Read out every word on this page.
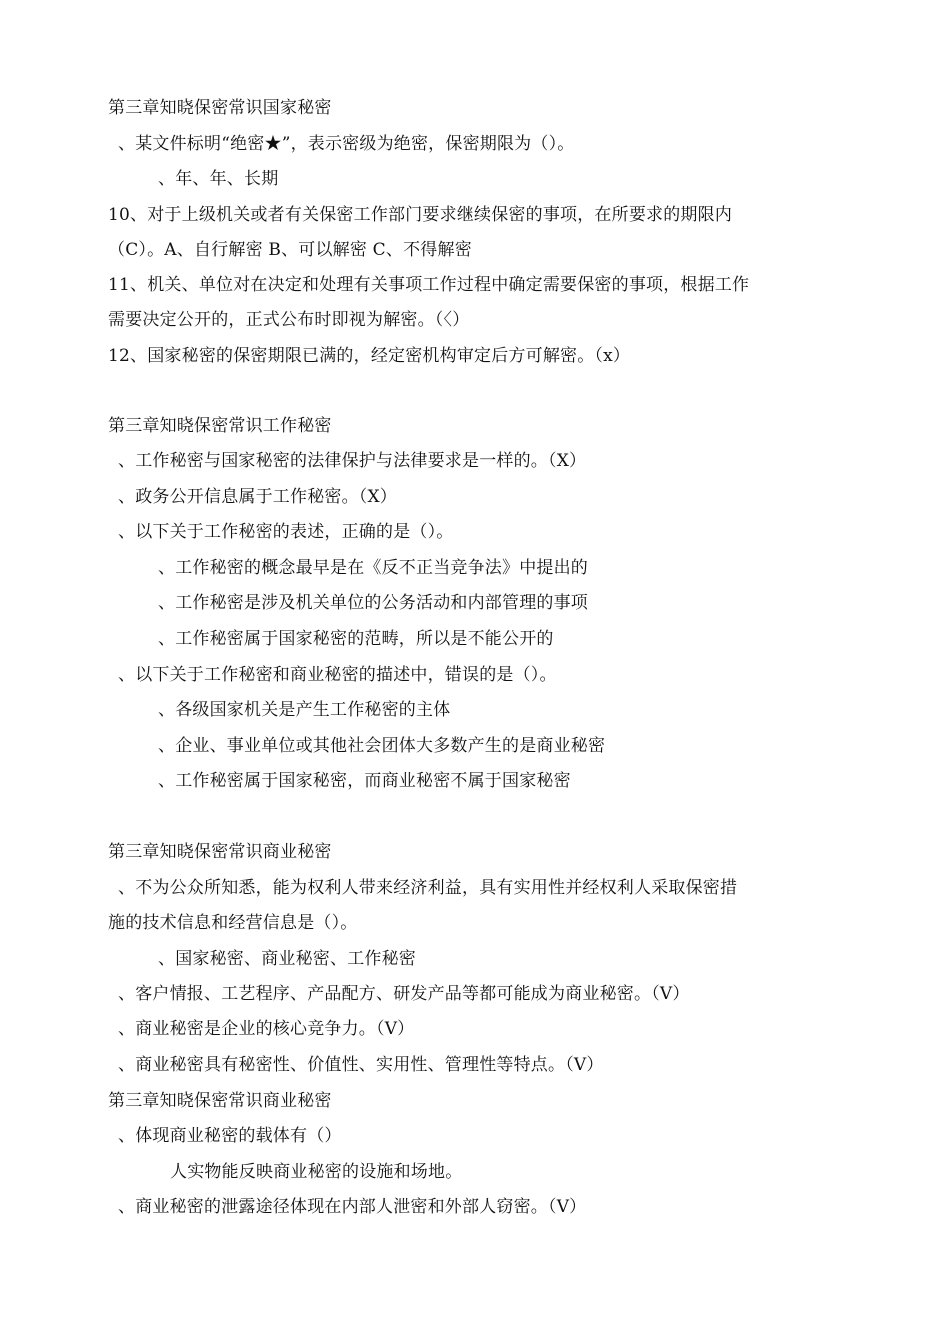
第三章知晓保密常识国家秘密
、某文件标明“绝密★”，表示密级为绝密，保密期限为（）。
、年、年、长期
10、对于上级机关或者有关保密工作部门要求继续保密的事项，在所要求的期限内
（C）。A、自行解密 B、可以解密 C、不得解密
11、机关、单位对在决定和处理有关事项工作过程中确定需要保密的事项，根据工作
需要决定公开的，正式公布时即视为解密。（〈）
12、国家秘密的保密期限已满的，经定密机构审定后方可解密。（x）
第三章知晓保密常识工作秘密
、工作秘密与国家秘密的法律保护与法律要求是一样的。（X）
、政务公开信息属于工作秘密。（X）
、以下关于工作秘密的表述，正确的是（）。
、工作秘密的概念最早是在《反不正当竞争法》中提出的
、工作秘密是涉及机关单位的公务活动和内部管理的事项
、工作秘密属于国家秘密的范畴，所以是不能公开的
、以下关于工作秘密和商业秘密的描述中，错误的是（）。
、各级国家机关是产生工作秘密的主体
、企业、事业单位或其他社会团体大多数产生的是商业秘密
、工作秘密属于国家秘密，而商业秘密不属于国家秘密
第三章知晓保密常识商业秘密
、不为公众所知悉，能为权利人带来经济利益，具有实用性并经权利人采取保密措
施的技术信息和经营信息是（）。
、国家秘密、商业秘密、工作秘密
、客户情报、工艺程序、产品配方、研发产品等都可能成为商业秘密。（V）
、商业秘密是企业的核心竞争力。（V）
、商业秘密具有秘密性、价值性、实用性、管理性等特点。（V）
第三章知晓保密常识商业秘密
、体现商业秘密的载体有（）
人实物能反映商业秘密的设施和场地。
、商业秘密的泄露途径体现在内部人泄密和外部人窃密。（V）
